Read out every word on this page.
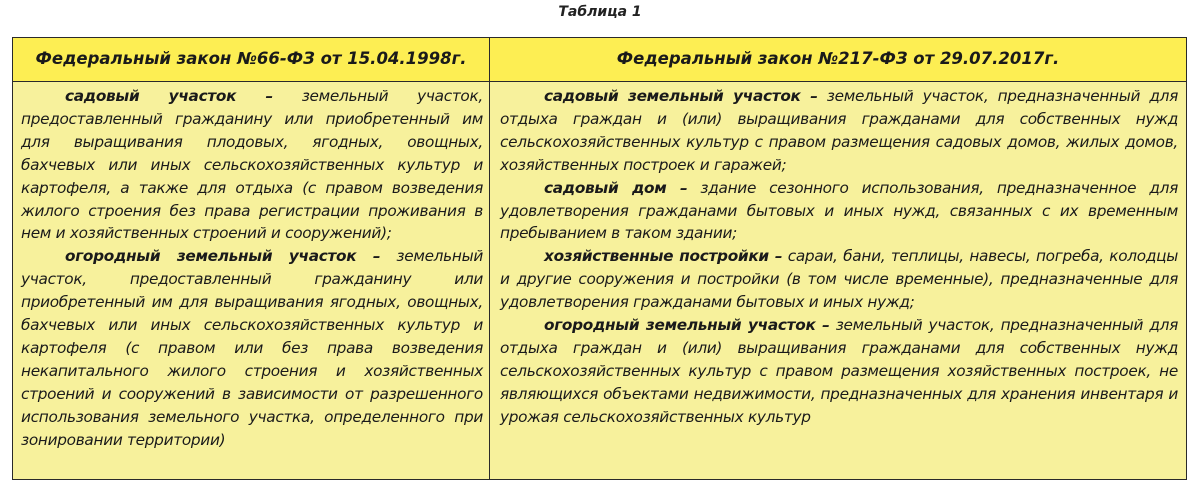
Таблица 1
Федеральный закон №66-ФЗ от 15.04.1998г.	Федеральный закон №217-ФЗ от 29.07.2017г.

садовый участок – земельный участок, предоставленный гражданину или приобретенный им для выращивания плодовых, ягодных, овощных, бахчевых или иных сельскохозяйственных культур и картофеля, а также для отдыха (с правом возведения жилого строения без права регистрации проживания в нем и хозяйственных строений и сооружений);

огородный земельный участок – земельный участок, предоставленный гражданину или приобретенный им для выращивания ягодных, овощных, бахчевых или иных сельскохозяйственных культур и картофеля (с правом или без права возведения некапитального жилого строения и хозяйственных строений и сооружений в зависимости от разрешенного использования земельного участка, определенного при зонировании территории)

садовый земельный участок – земельный участок, предназначенный для отдыха граждан и (или) выращивания гражданами для собственных нужд сельскохозяйственных культур с правом размещения садовых домов, жилых домов, хозяйственных построек и гаражей;

садовый дом – здание сезонного использования, предназначенное для удовлетворения гражданами бытовых и иных нужд, связанных с их временным пребыванием в таком здании;

хозяйственные постройки – сараи, бани, теплицы, навесы, погреба, колодцы и другие сооружения и постройки (в том числе временные), предназначенные для удовлетворения гражданами бытовых и иных нужд;

огородный земельный участок – земельный участок, предназначенный для отдыха граждан и (или) выращивания гражданами для собственных нужд сельскохозяйственных культур с правом размещения хозяйственных построек, не являющихся объектами недвижимости, предназначенных для хранения инвентаря и урожая сельскохозяйственных культур
